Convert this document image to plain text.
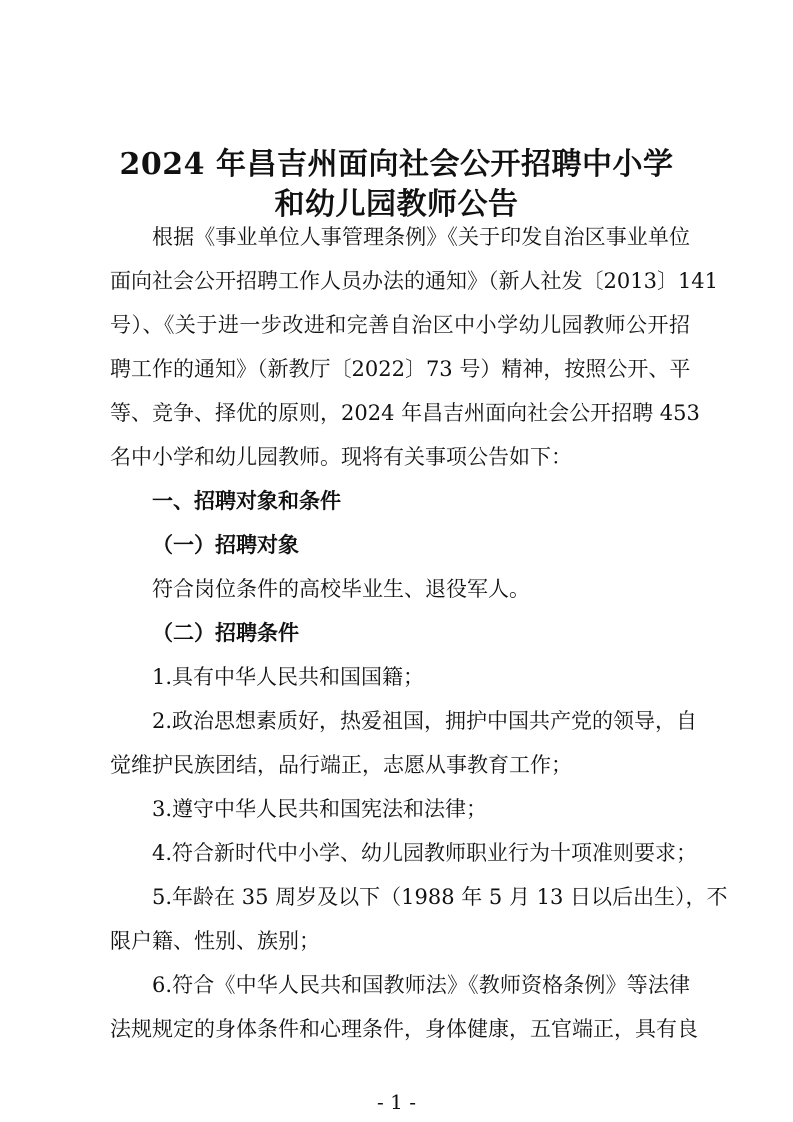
2024 年昌吉州面向社会公开招聘中小学
和幼儿园教师公告
根据《事业单位人事管理条例》《关于印发自治区事业单位
面向社会公开招聘工作人员办法的通知》（新人社发〔2013〕141
号）、《关于进一步改进和完善自治区中小学幼儿园教师公开招
聘工作的通知》（新教厅〔2022〕73 号）精神，按照公开、平
等、竞争、择优的原则，2024 年昌吉州面向社会公开招聘 453
名中小学和幼儿园教师。现将有关事项公告如下：
一、招聘对象和条件
（一）招聘对象
符合岗位条件的高校毕业生、退役军人。
（二）招聘条件
1.具有中华人民共和国国籍；
2.政治思想素质好，热爱祖国，拥护中国共产党的领导，自
觉维护民族团结，品行端正，志愿从事教育工作；
3.遵守中华人民共和国宪法和法律；
4.符合新时代中小学、幼儿园教师职业行为十项准则要求；
5.年龄在 35 周岁及以下（1988 年 5 月 13 日以后出生），不
限户籍、性别、族别；
6.符合《中华人民共和国教师法》《教师资格条例》等法律
法规规定的身体条件和心理条件，身体健康，五官端正，具有良
- 1 -
